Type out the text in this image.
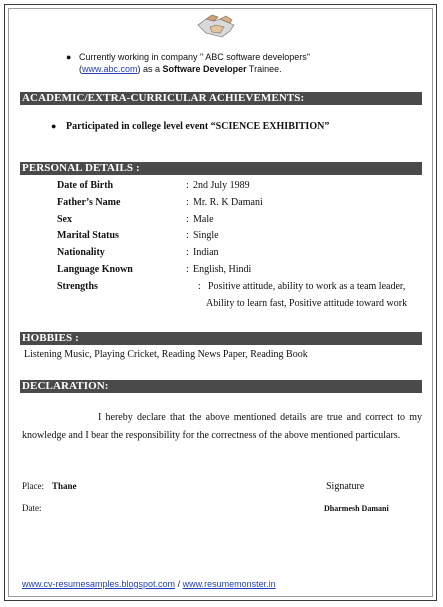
● Currently working in company " ABC software developers"
(www.abc.com) as a Software Developer Trainee.
ACADEMIC/EXTRA-CURRICULAR ACHIEVEMENTS:
● Participated in college level event “SCIENCE EXHIBITION”
PERSONAL DETAILS :
Date of Birth	: 2nd July 1989
Father’s Name	: Mr. R. K Damani
Sex	: Male
Marital Status	: Single
Nationality	: Indian
Language Known	: English, Hindi
Strengths	: Positive attitude, ability to work as a team leader,
Ability to learn fast, Positive attitude toward work
HOBBIES :
Listening Music, Playing Cricket, Reading News Paper, Reading Book
DECLARATION:
I hereby declare that the above mentioned details are true and correct to my knowledge and I bear the responsibility for the correctness of the above mentioned particulars.
Place: Thane	Signature
Date:	Dharmesh Damani
www.cv-resumesamples.blogspot.com / www.resumemonster.in
